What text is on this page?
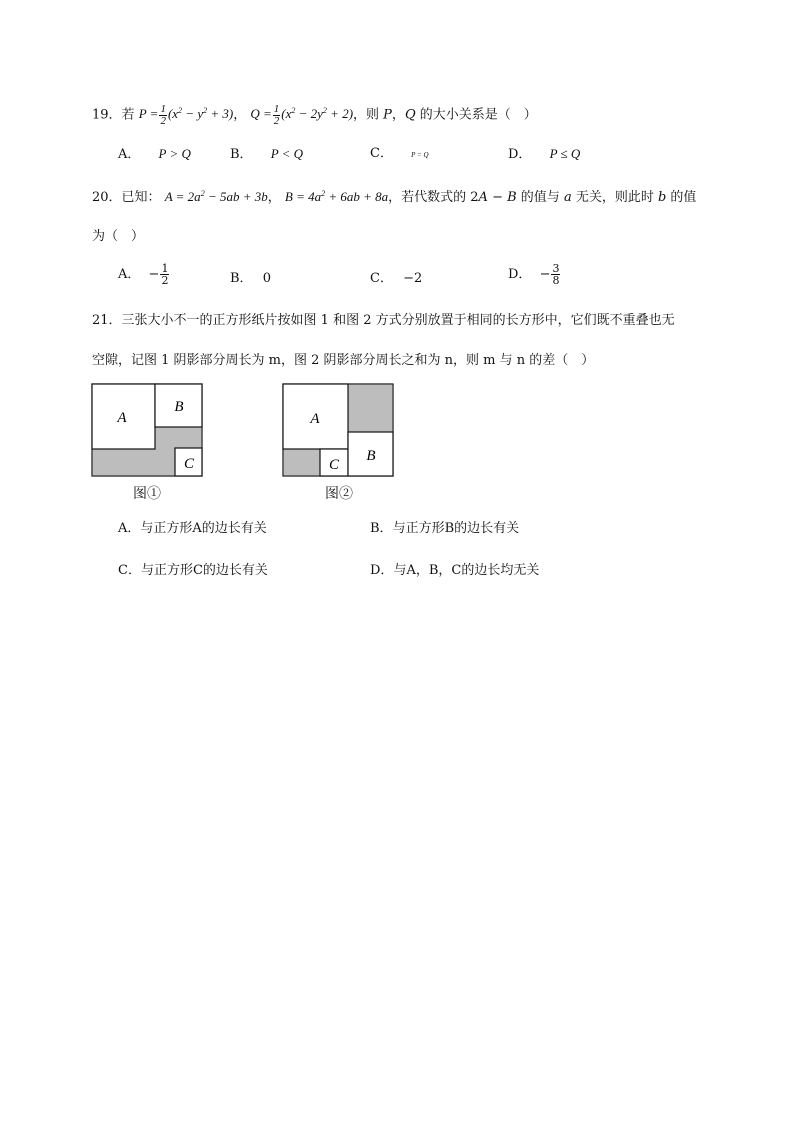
19．若 $P = \frac{1}{2} (x^2 - y^2 + 3)$， $Q = \frac{1}{2} (x^2 - 2y^2 + 2)$，则 P，Q 的大小关系是（　）
A． P > Q	B． P < Q	C．	P = Q	D． P ≤ Q
20．已知： $A = 2a^2 - 5ab + 3b$， $B = 4a^2 + 6ab + 8a$，若代数式的 2A − B 的值与 a 无关，则此时 b 的值
为（　）
A． − $\frac{1}{2}$	B． 0	C． −2	D． − $\frac{3}{8}$
21．三张大小不一的正方形纸片按如图 1 和图 2 方式分别放置于相同的长方形中，它们既不重叠也无
空隙，记图 1 阴影部分周长为 m，图 2 阴影部分周长之和为 n，则 m 与 n 的差（　）
A
B
C
图①
A
C
B
图②
A．与正方形A的边长有关	B．与正方形B的边长有关
C．与正方形C的边长有关	D．与A，B，C的边长均无关
